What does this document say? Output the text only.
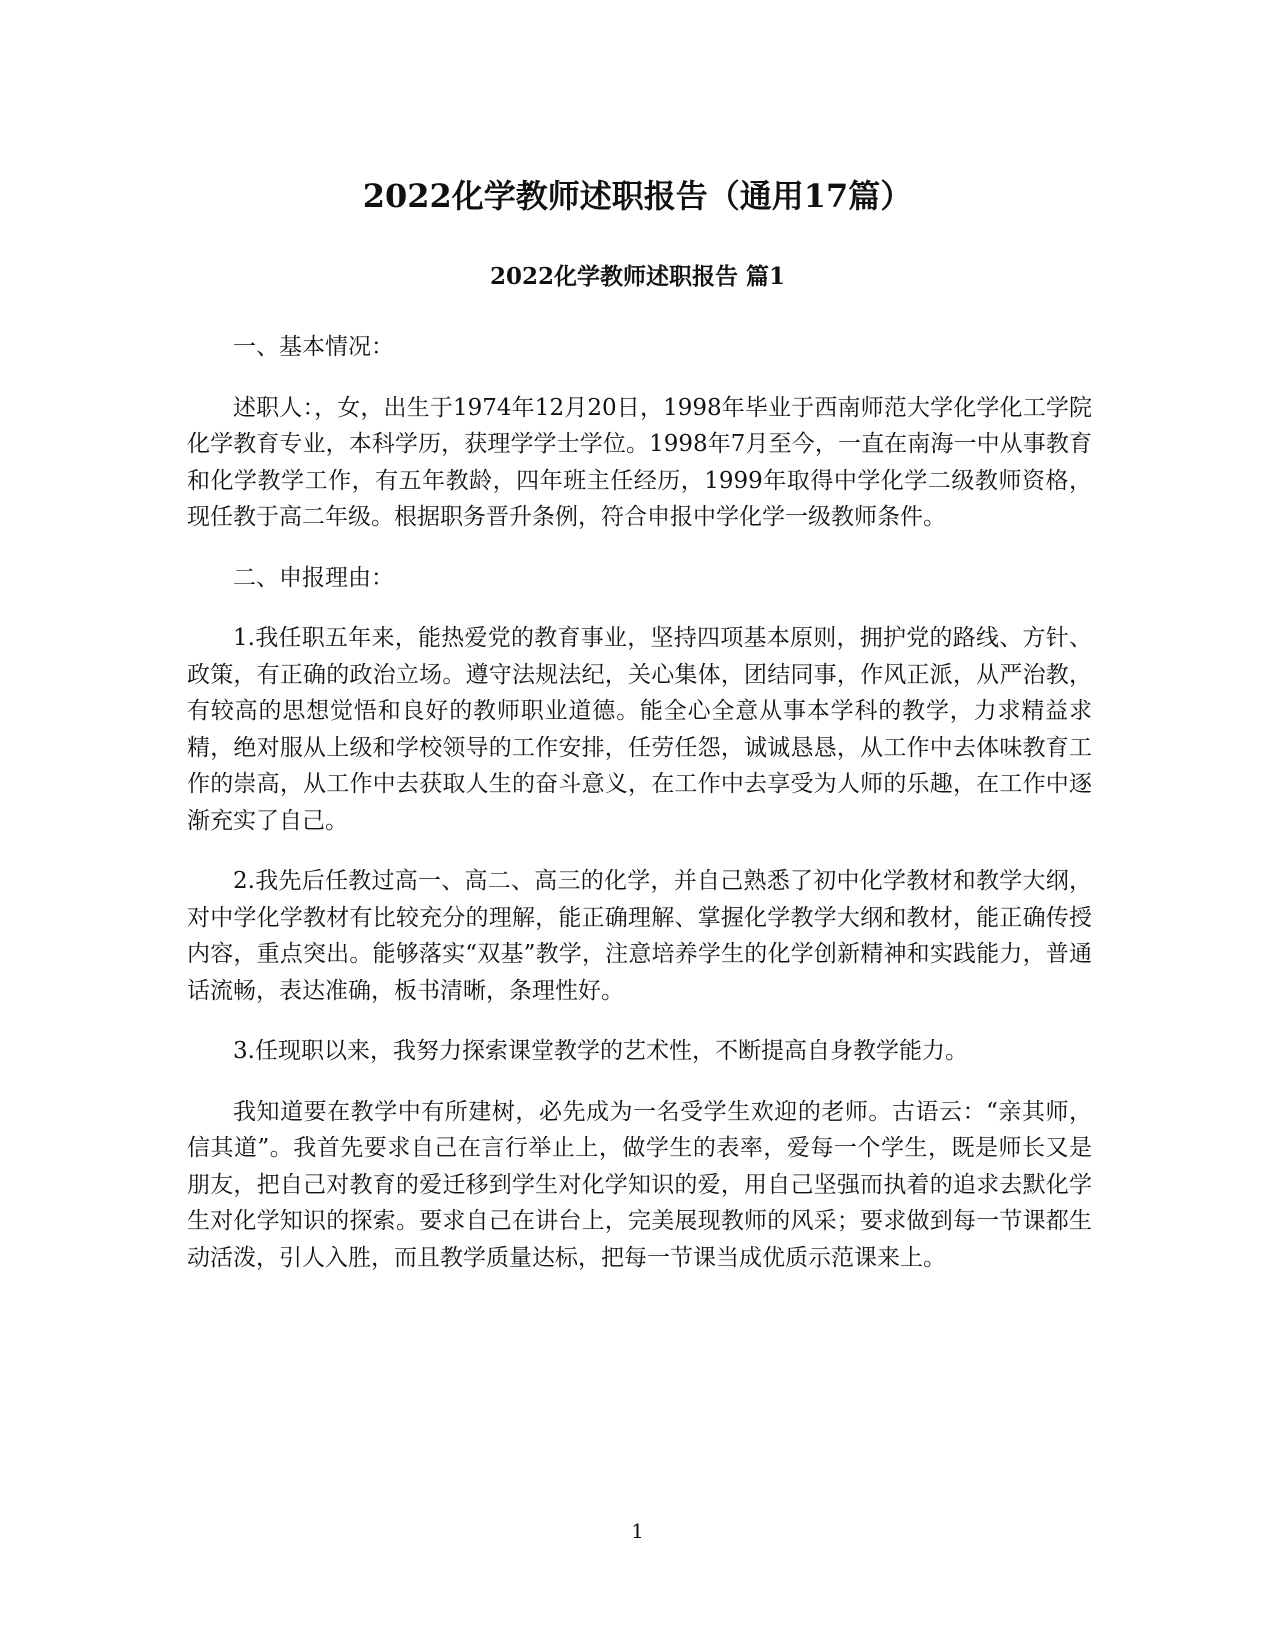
2022化学教师述职报告（通用17篇）
2022化学教师述职报告 篇1

一、基本情况：

述职人：，女，出生于1974年12月20日，1998年毕业于西南师范大学化学化工学院化学教育专业，本科学历，获理学学士学位。1998年7月至今，一直在南海一中从事教育和化学教学工作，有五年教龄，四年班主任经历，1999年取得中学化学二级教师资格，现任教于高二年级。根据职务晋升条例，符合申报中学化学一级教师条件。

二、申报理由：

1.我任职五年来，能热爱党的教育事业，坚持四项基本原则，拥护党的路线、方针、政策，有正确的政治立场。遵守法规法纪，关心集体，团结同事，作风正派，从严治教，有较高的思想觉悟和良好的教师职业道德。能全心全意从事本学科的教学，力求精益求精，绝对服从上级和学校领导的工作安排，任劳任怨，诚诚恳恳，从工作中去体味教育工作的崇高，从工作中去获取人生的奋斗意义，在工作中去享受为人师的乐趣，在工作中逐渐充实了自己。

2.我先后任教过高一、高二、高三的化学，并自己熟悉了初中化学教材和教学大纲，对中学化学教材有比较充分的理解，能正确理解、掌握化学教学大纲和教材，能正确传授内容，重点突出。能够落实“双基”教学，注意培养学生的化学创新精神和实践能力，普通话流畅，表达准确，板书清晰，条理性好。

3.任现职以来，我努力探索课堂教学的艺术性，不断提高自身教学能力。

我知道要在教学中有所建树，必先成为一名受学生欢迎的老师。古语云：“亲其师，信其道”。我首先要求自己在言行举止上，做学生的表率，爱每一个学生，既是师长又是朋友，把自己对教育的爱迁移到学生对化学知识的爱，用自己坚强而执着的追求去默化学生对化学知识的探索。要求自己在讲台上，完美展现教师的风采；要求做到每一节课都生动活泼，引人入胜，而且教学质量达标，把每一节课当成优质示范课来上。

1
